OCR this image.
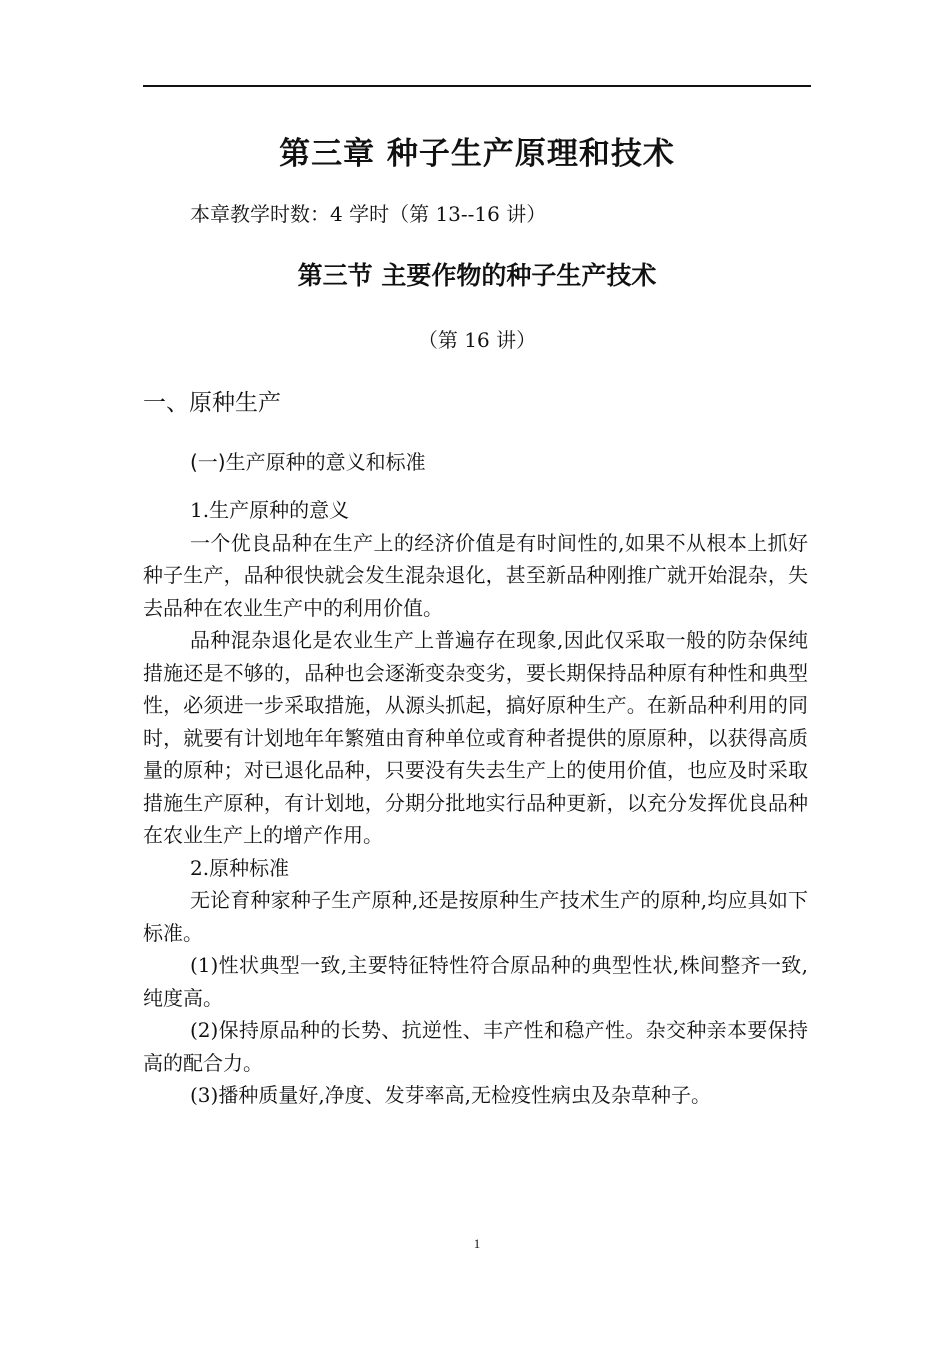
第三章 种子生产原理和技术
本章教学时数：4 学时（第 13--16 讲）
第三节 主要作物的种子生产技术
（第 16 讲）
一、原种生产
(一)生产原种的意义和标准

1.生产原种的意义

一个优良品种在生产上的经济价值是有时间性的,如果不从根本上抓好种子生产，品种很快就会发生混杂退化，甚至新品种刚推广就开始混杂，失去品种在农业生产中的利用价值。

品种混杂退化是农业生产上普遍存在现象,因此仅采取一般的防杂保纯措施还是不够的，品种也会逐渐变杂变劣，要长期保持品种原有种性和典型性，必须进一步采取措施，从源头抓起，搞好原种生产。在新品种利用的同时，就要有计划地年年繁殖由育种单位或育种者提供的原原种，以获得高质量的原种；对已退化品种，只要没有失去生产上的使用价值，也应及时采取措施生产原种，有计划地，分期分批地实行品种更新，以充分发挥优良品种在农业生产上的增产作用。

2.原种标准

无论育种家种子生产原种,还是按原种生产技术生产的原种,均应具如下标准。

(1)性状典型一致,主要特征特性符合原品种的典型性状,株间整齐一致,纯度高。

(2)保持原品种的长势、抗逆性、丰产性和稳产性。杂交种亲本要保持高的配合力。

(3)播种质量好,净度、发芽率高,无检疫性病虫及杂草种子。

1
